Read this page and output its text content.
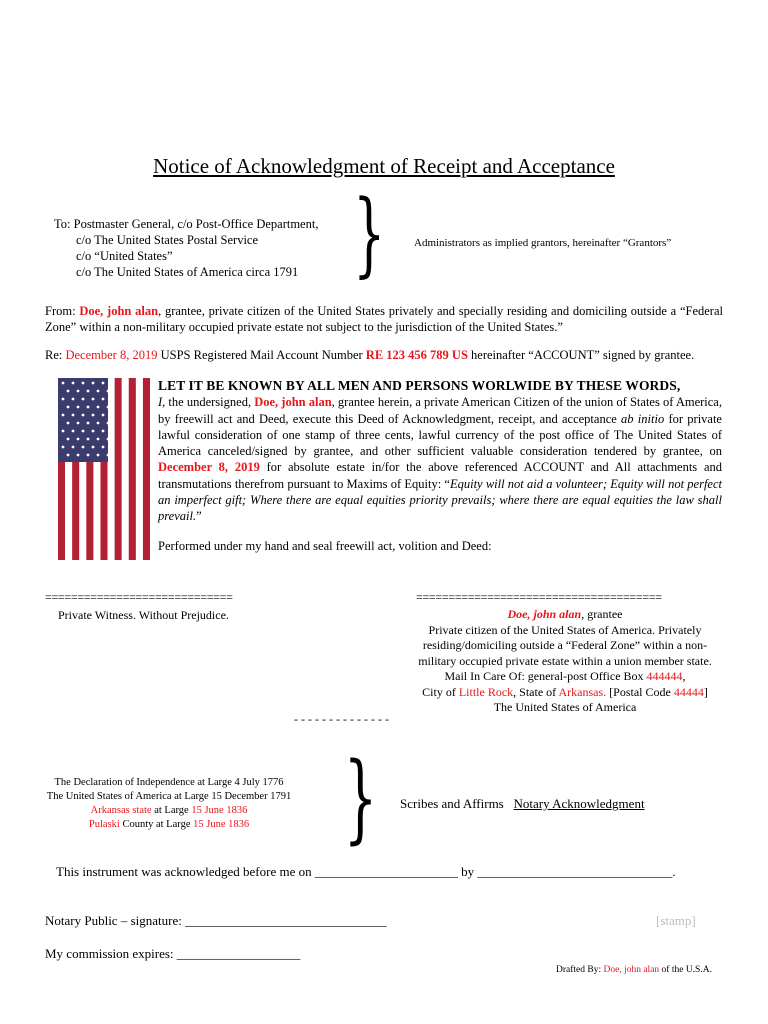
Notice of Acknowledgment of Receipt and Acceptance
To: Postmaster General, c/o Post-Office Department,
c/o The United States Postal Service
c/o “United States”
c/o The United States of America circa 1791 }	Administrators as implied grantors, hereinafter “Grantors”
From: Doe, john alan, grantee, private citizen of the United States privately and specially residing and domiciling outside a “Federal Zone” within a non-military occupied private estate not subject to the jurisdiction of the United States.”
Re: December 8, 2019 USPS Registered Mail Account Number RE 123 456 789 US hereinafter “ACCOUNT” signed by grantee.
LET IT BE KNOWN BY ALL MEN AND PERSONS WORLWIDE BY THESE WORDS,
I, the undersigned, Doe, john alan, grantee herein, a private American Citizen of the union of States of America, by freewill act and Deed, execute this Deed of Acknowledgment, receipt, and acceptance ab initio for private lawful consideration of one stamp of three cents, lawful currency of the post office of The United States of America canceled/signed by grantee, and other sufficient valuable consideration tendered by grantee, on December 8, 2019 for absolute estate in/for the above referenced ACCOUNT and All attachments and transmutations therefrom pursuant to Maxims of Equity: “Equity will not aid a volunteer; Equity will not perfect an imperfect gift; Where there are equal equities priority prevails; where there are equal equities the law shall prevail.”
Performed under my hand and seal freewill act, volition and Deed:
=============================
Private Witness. Without Prejudice.
======================================
Doe, john alan, grantee
Private citizen of the United States of America. Privately
residing/domiciling outside a “Federal Zone” within a non-
military occupied private estate within a union member state.
Mail In Care Of: general-post Office Box 444444,
City of Little Rock, State of Arkansas. [Postal Code 44444]
The United States of America
- - - - - - - - - - - - - -
The Declaration of Independence at Large 4 July 1776
The United States of America at Large 15 December 1791
Arkansas state at Large 15 June 1836
Pulaski County at Large 15 June 1836 } Scribes and Affirms Notary Acknowledgment
This instrument was acknowledged before me on ______________________ by ______________________________.
Notary Public – signature: _______________________________	[stamp]
My commission expires: ___________________
Drafted By: Doe, john alan of the U.S.A.
